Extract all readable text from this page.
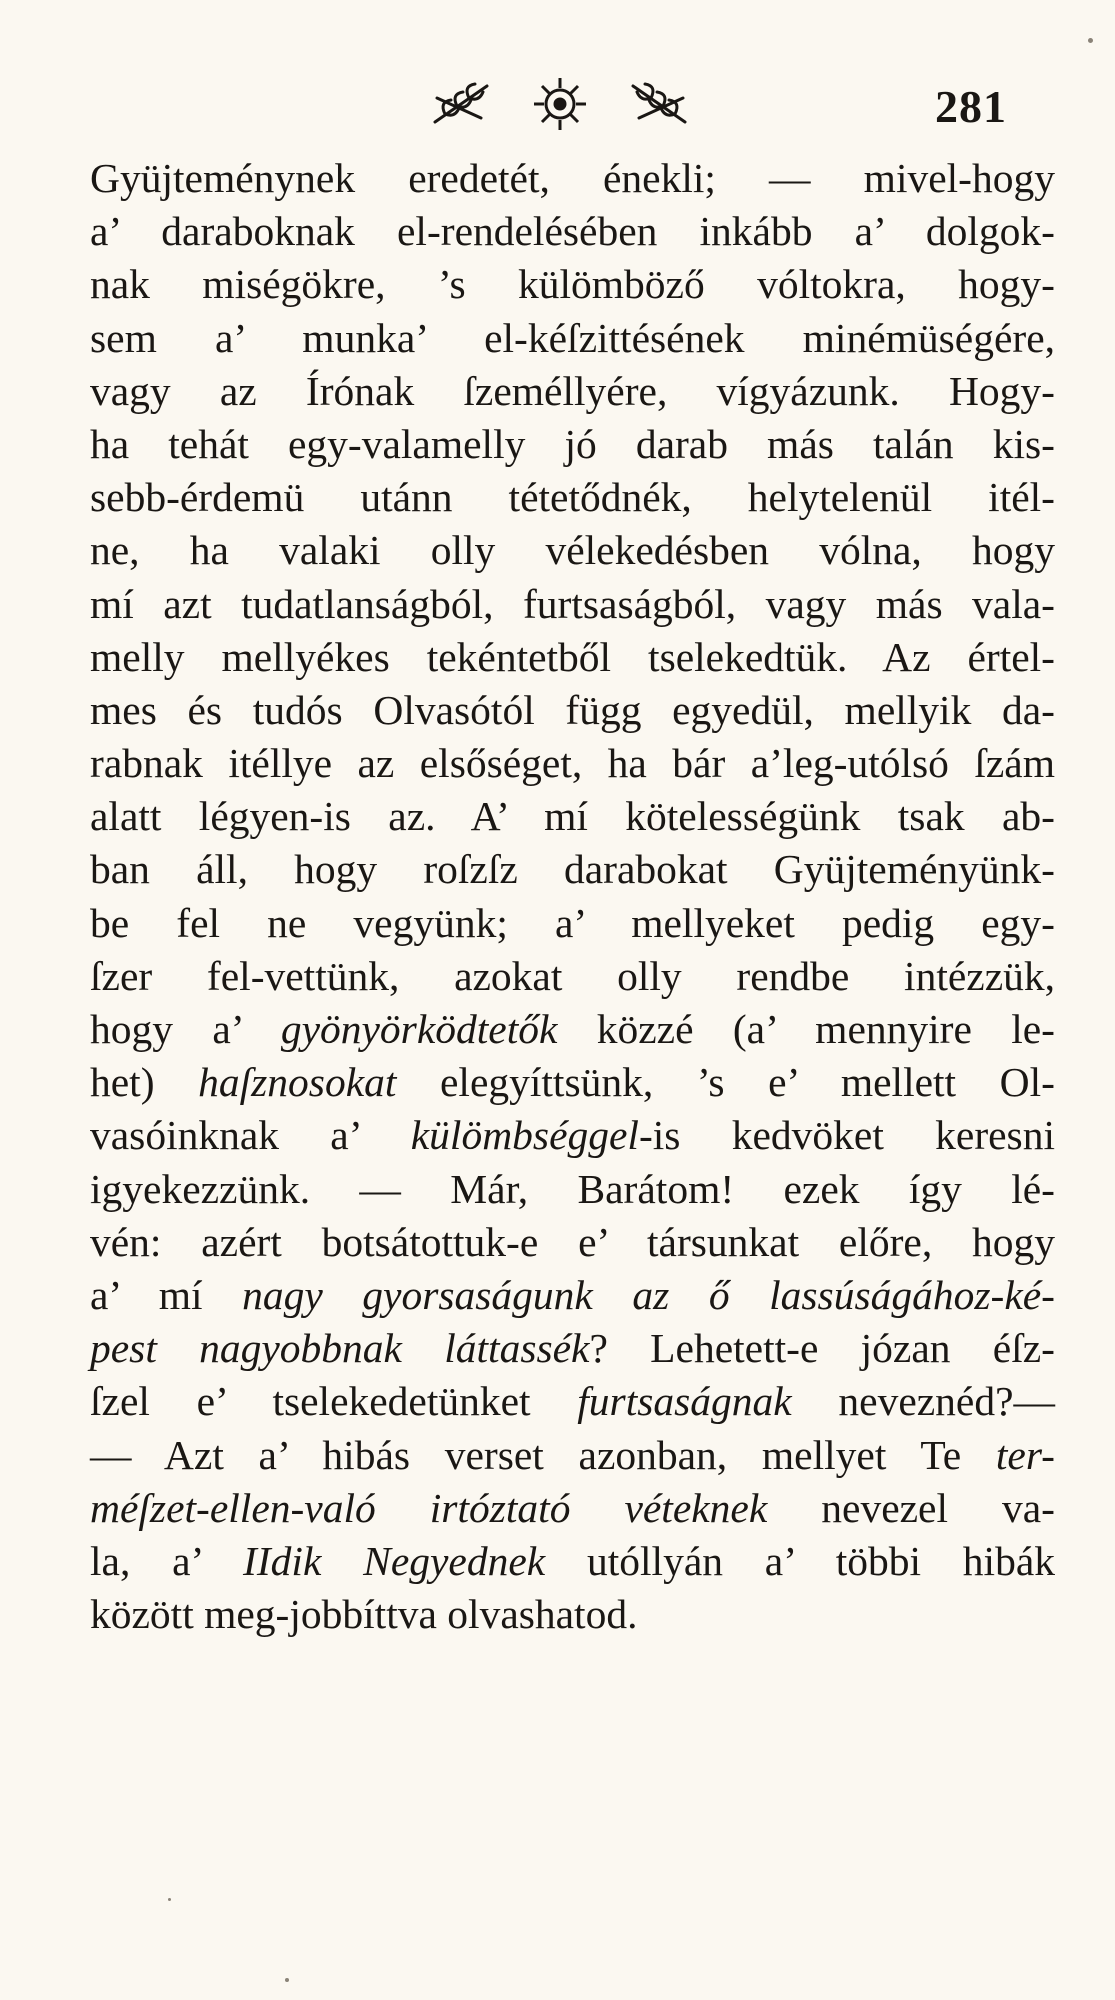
281
Gyüjteménynek eredetét, énekli; — mivel-hogy
a’ daraboknak el-rendelésében inkább a’ dolgok-
nak miségökre, ’s külömböző vóltokra, hogy-
sem a’ munka’ el-kéſzittésének minémüségére,
vagy az Írónak ſzeméllyére, vígyázunk. Hogy-
ha tehát egy-valamelly jó darab más talán kis-
sebb-érdemü utánn tétetődnék, helytelenül itél-
ne, ha valaki olly vélekedésben vólna, hogy
mí azt tudatlanságból, furtsaságból, vagy más vala-
melly mellyékes tekéntetből tselekedtük. Az értel-
mes és tudós Olvasótól függ egyedül, mellyik da-
rabnak itéllye az elsőséget, ha bár a’leg-utólsó ſzám
alatt légyen-is az. A’ mí kötelességünk tsak ab-
ban áll, hogy roſzſz darabokat Gyüjteményünk-
be fel ne vegyünk; a’ mellyeket pedig egy-
ſzer fel-vettünk, azokat olly rendbe intézzük,
hogy a’ gyönyörködtetők közzé (a’ mennyire le-
het) haſznosokat elegyíttsünk, ’s e’ mellett Ol-
vasóinknak a’ külömbséggel-is kedvöket keresni
igyekezzünk. — Már, Barátom! ezek így lé-
vén: azért botsátottuk-e e’ társunkat előre, hogy
a’ mí nagy gyorsaságunk az ő lassúságához-ké-
pest nagyobbnak láttassék? Lehetett-e józan éſz-
ſzel e’ tselekedetünket furtsaságnak neveznéd?—
— Azt a’ hibás verset azonban, mellyet Te ter-
méſzet-ellen-való irtóztató véteknek nevezel va-
la, a’ IIdik Negyednek utóllyán a’ többi hibák
között meg-jobbíttva olvashatod.
